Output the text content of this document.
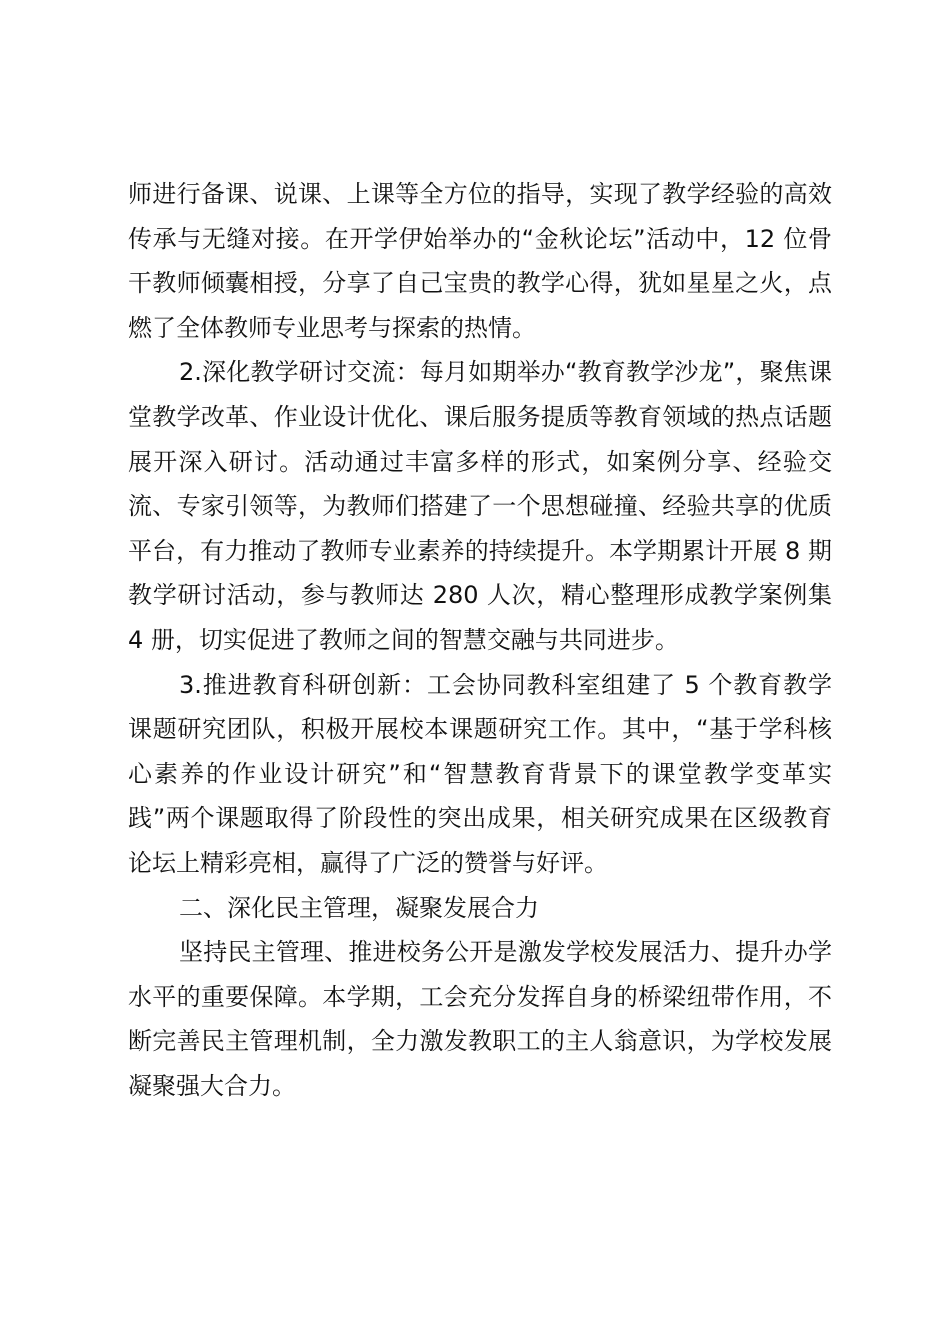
师进行备课、说课、上课等全方位的指导，实现了教学经验的高效传承与无缝对接。在开学伊始举办的“金秋论坛”活动中，12 位骨干教师倾囊相授，分享了自己宝贵的教学心得，犹如星星之火，点燃了全体教师专业思考与探索的热情。

2.深化教学研讨交流：每月如期举办“教育教学沙龙”，聚焦课堂教学改革、作业设计优化、课后服务提质等教育领域的热点话题展开深入研讨。活动通过丰富多样的形式，如案例分享、经验交流、专家引领等，为教师们搭建了一个思想碰撞、经验共享的优质平台，有力推动了教师专业素养的持续提升。本学期累计开展 8 期教学研讨活动，参与教师达 280 人次，精心整理形成教学案例集 4 册，切实促进了教师之间的智慧交融与共同进步。

3.推进教育科研创新：工会协同教科室组建了 5 个教育教学课题研究团队，积极开展校本课题研究工作。其中，“基于学科核心素养的作业设计研究”和“智慧教育背景下的课堂教学变革实践”两个课题取得了阶段性的突出成果，相关研究成果在区级教育论坛上精彩亮相，赢得了广泛的赞誉与好评。

二、深化民主管理，凝聚发展合力

坚持民主管理、推进校务公开是激发学校发展活力、提升办学水平的重要保障。本学期，工会充分发挥自身的桥梁纽带作用，不断完善民主管理机制，全力激发教职工的主人翁意识，为学校发展凝聚强大合力。
